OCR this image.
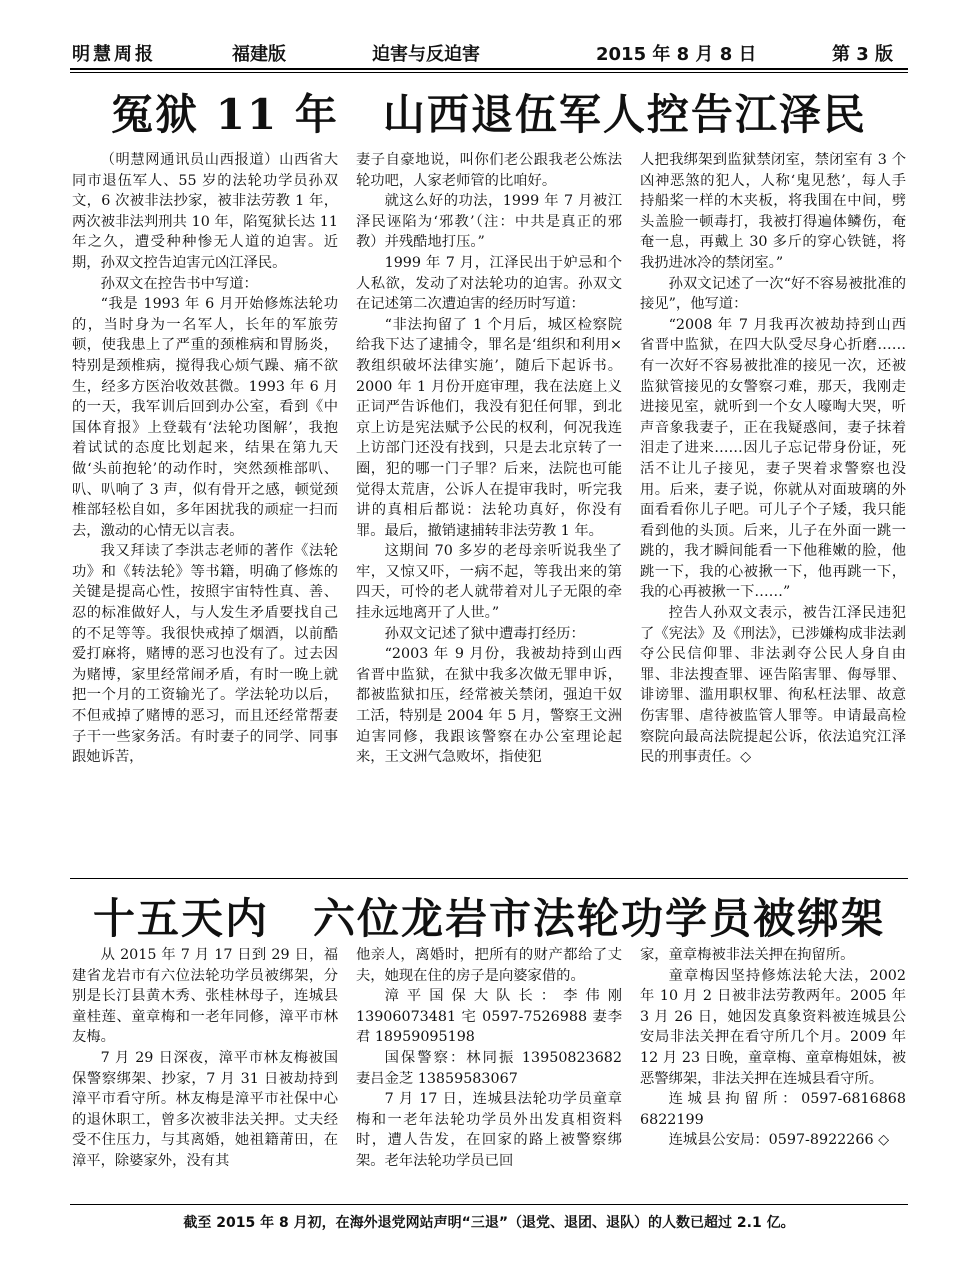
明慧周报	福建版	迫害与反迫害	2015 年 8 月 8 日	第 3 版
冤狱 11 年　山西退伍军人控告江泽民

（明慧网通讯员山西报道）山西省大同市退伍军人、55 岁的法轮功学员孙双文，6 次被非法抄家，被非法劳教 1 年，两次被非法判刑共 10 年，陷冤狱长达 11 年之久，遭受种种惨无人道的迫害。近期，孙双文控告迫害元凶江泽民。

孙双文在控告书中写道：

“我是 1993 年 6 月开始修炼法轮功的，当时身为一名军人，长年的军旅劳顿，使我患上了严重的颈椎病和胃肠炎，特别是颈椎病，搅得我心烦气躁、痛不欲生，经多方医治收效甚微。1993 年 6 月的一天，我军训后回到办公室，看到《中国体育报》上登载有‘法轮功图解’，我抱着试试的态度比划起来，结果在第九天做‘头前抱轮’的动作时，突然颈椎部叭、叭、叭响了 3 声，似有骨开之感，顿觉颈椎部轻松自如，多年困扰我的顽症一扫而去，激动的心情无以言表。

我又拜读了李洪志老师的著作《法轮功》和《转法轮》等书籍，明确了修炼的关键是提高心性，按照宇宙特性真、善、忍的标准做好人，与人发生矛盾要找自己的不足等等。我很快戒掉了烟酒，以前酷爱打麻将，赌博的恶习也没有了。过去因为赌博，家里经常闹矛盾，有时一晚上就把一个月的工资输光了。学法轮功以后，不但戒掉了赌博的恶习，而且还经常帮妻子干一些家务活。有时妻子的同学、同事跟她诉苦，

妻子自豪地说，叫你们老公跟我老公炼法轮功吧，人家老师管的比咱好。

就这么好的功法，1999 年 7 月被江泽民诬陷为‘邪教’（注：中共是真正的邪教）并残酷地打压。”

1999 年 7 月，江泽民出于妒忌和个人私欲，发动了对法轮功的迫害。孙双文在记述第二次遭迫害的经历时写道：

“非法拘留了 1 个月后，城区检察院给我下达了逮捕令，罪名是‘组织和利用×教组织破坏法律实施’，随后下起诉书。2000 年 1 月份开庭审理，我在法庭上义正词严告诉他们，我没有犯任何罪，到北京上访是宪法赋予公民的权利，何况我连上访部门还没有找到，只是去北京转了一圈，犯的哪一门子罪？后来，法院也可能觉得太荒唐，公诉人在提审我时，听完我讲的真相后都说：法轮功真好，你没有罪。最后，撤销逮捕转非法劳教 1 年。

这期间 70 多岁的老母亲听说我坐了牢，又惊又吓，一病不起，等我出来的第四天，可怜的老人就带着对儿子无限的牵挂永远地离开了人世。”

孙双文记述了狱中遭毒打经历：

“2003 年 9 月份，我被劫持到山西省晋中监狱，在狱中我多次做无罪申诉，都被监狱扣压，经常被关禁闭，强迫干奴工活，特别是 2004 年 5 月，警察王文洲迫害同修，我跟该警察在办公室理论起来，王文洲气急败坏，指使犯

人把我绑架到监狱禁闭室，禁闭室有 3 个凶神恶煞的犯人，人称‘鬼见愁’，每人手持船桨一样的木夹板，将我围在中间，劈头盖脸一顿毒打，我被打得遍体鳞伤，奄奄一息，再戴上 30 多斤的穿心铁链，将我扔进冰冷的禁闭室。”

孙双文记述了一次“好不容易被批准的接见”，他写道：

“2008 年 7 月我再次被劫持到山西省晋中监狱，在四大队受尽身心折磨……有一次好不容易被批准的接见一次，还被监狱管接见的女警察刁难，那天，我刚走进接见室，就听到一个女人嚎啕大哭，听声音象我妻子，正在我疑惑间，妻子抹着泪走了进来……因儿子忘记带身份证，死活不让儿子接见，妻子哭着求警察也没用。后来，妻子说，你就从对面玻璃的外面看看你儿子吧。可儿子个子矮，我只能看到他的头顶。后来，儿子在外面一跳一跳的，我才瞬间能看一下他稚嫩的脸，他跳一下，我的心被揪一下，他再跳一下，我的心再被揪一下……”

控告人孙双文表示，被告江泽民违犯了《宪法》及《刑法》，已涉嫌构成非法剥夺公民信仰罪、非法剥夺公民人身自由罪、非法搜查罪、诬告陷害罪、侮辱罪、诽谤罪、滥用职权罪、徇私枉法罪、故意伤害罪、虐待被监管人罪等。申请最高检察院向最高法院提起公诉，依法追究江泽民的刑事责任。◇

十五天内　六位龙岩市法轮功学员被绑架

从 2015 年 7 月 17 日到 29 日，福建省龙岩市有六位法轮功学员被绑架，分别是长汀县黄木秀、张桂林母子，连城县童桂莲、童章梅和一老年同修，漳平市林友梅。

7 月 29 日深夜，漳平市林友梅被国保警察绑架、抄家，7 月 31 日被劫持到漳平市看守所。林友梅是漳平市社保中心的退休职工，曾多次被非法关押。丈夫经受不住压力，与其离婚，她祖籍莆田，在漳平，除婆家外，没有其

他亲人，离婚时，把所有的财产都给了丈夫，她现在住的房子是向婆家借的。

漳平国保大队长：李伟刚 13906073481 宅 0597-7526988 妻李君 18959095198

国保警察：林同振 13950823682 妻吕金芝 13859583067

7 月 17 日，连城县法轮功学员童章梅和一老年法轮功学员外出发真相资料时，遭人告发，在回家的路上被警察绑架。老年法轮功学员已回

家，童章梅被非法关押在拘留所。

童章梅因坚持修炼法轮大法，2002 年 10 月 2 日被非法劳教两年。2005 年 3 月 26 日，她因发真象资料被连城县公安局非法关押在看守所几个月。2009 年 12 月 23 日晚，童章梅、童章梅姐妹，被恶警绑架，非法关押在连城县看守所。

连城县拘留所：0597-6816868 6822199

连城县公安局：0597-8922266 ◇

截至 2015 年 8 月初，在海外退党网站声明“三退”（退党、退团、退队）的人数已超过 2.1 亿。
